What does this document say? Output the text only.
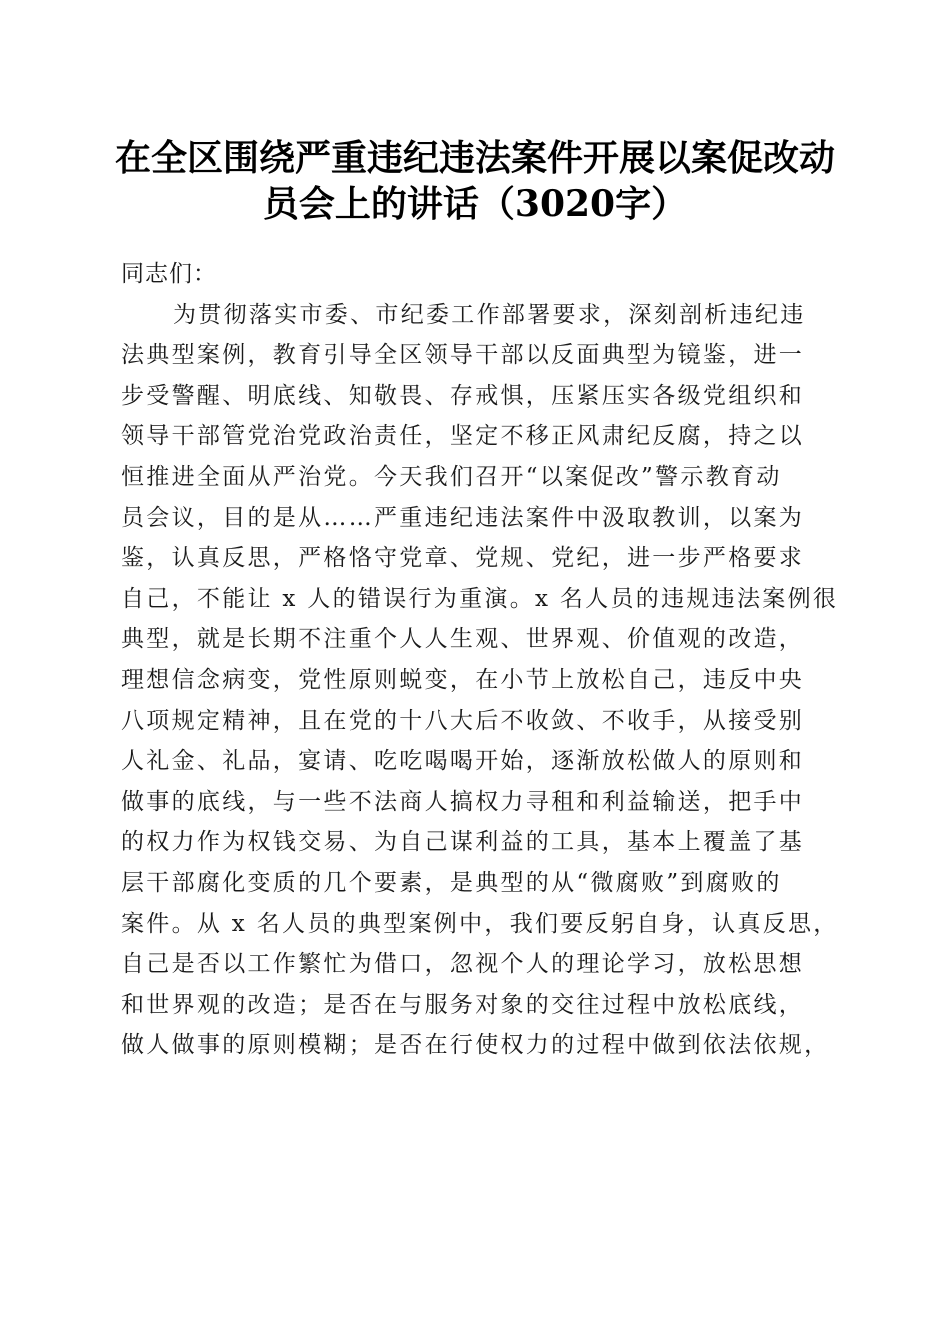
在全区围绕严重违纪违法案件开展以案促改动
员会上的讲话（3020字）
同志们：
为贯彻落实市委、市纪委工作部署要求，深刻剖析违纪违
法典型案例，教育引导全区领导干部以反面典型为镜鉴，进一
步受警醒、明底线、知敬畏、存戒惧，压紧压实各级党组织和
领导干部管党治党政治责任，坚定不移正风肃纪反腐，持之以
恒推进全面从严治党。今天我们召开“以案促改”警示教育动
员会议，目的是从……严重违纪违法案件中汲取教训，以案为
鉴，认真反思，严格恪守党章、党规、党纪，进一步严格要求
自己，不能让 x 人的错误行为重演。x 名人员的违规违法案例很
典型，就是长期不注重个人人生观、世界观、价值观的改造，
理想信念病变，党性原则蜕变，在小节上放松自己，违反中央
八项规定精神，且在党的十八大后不收敛、不收手，从接受别
人礼金、礼品，宴请、吃吃喝喝开始，逐渐放松做人的原则和
做事的底线，与一些不法商人搞权力寻租和利益输送，把手中
的权力作为权钱交易、为自己谋利益的工具，基本上覆盖了基
层干部腐化变质的几个要素，是典型的从“微腐败”到腐败的
案件。从 x 名人员的典型案例中，我们要反躬自身，认真反思，
自己是否以工作繁忙为借口，忽视个人的理论学习，放松思想
和世界观的改造；是否在与服务对象的交往过程中放松底线，
做人做事的原则模糊；是否在行使权力的过程中做到依法依规，
